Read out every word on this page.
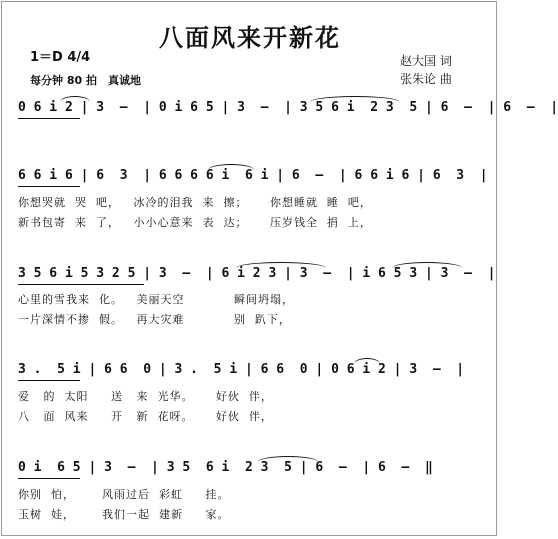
八面风来开新花
1＝D 4/4
每分钟 80 拍　真诚地
赵大国 词
张朱论 曲
0 6 i 2 | 3  –  | 0 i 6 5 | 3  –  | 3 5 6 i  2 3  5 | 6  –  | 6  –  |
6 6 i 6 | 6  3  | 6 6 6 6 i  6 i | 6  –  | 6 6 i 6 | 6  3  |
你想哭就  哭  吧，   冰冷的泪我  来  擦；     你想睡就  睡  吧，
新书包寄  来  了，   小小心意来  表  达；     压岁钱全  捐  上，
3 5 6 i 5 3 2 5 | 3  –  | 6 i 2 3 | 3  –  | i 6 5 3 | 3  –  |
心里的雪我来  化。   美丽天空           瞬间坍塌，
一片深情不掺  假。   再大灾难           别  趴下，
3 .  5 i | 6 6  0 | 3 .  5 i | 6 6  0 | 0 6 i 2 | 3  –  |
爱   的  太阳     送   来  光华。     好伙  伴，
八   面  风来     开   新  花呀。     好伙  伴，
0 i  6 5 | 3  –  | 3 5  6 i  2 3  5 | 6  –  | 6  –  ‖
你别  怕，      风雨过后  彩虹     挂。
玉树  娃，      我们一起  建新     家。
